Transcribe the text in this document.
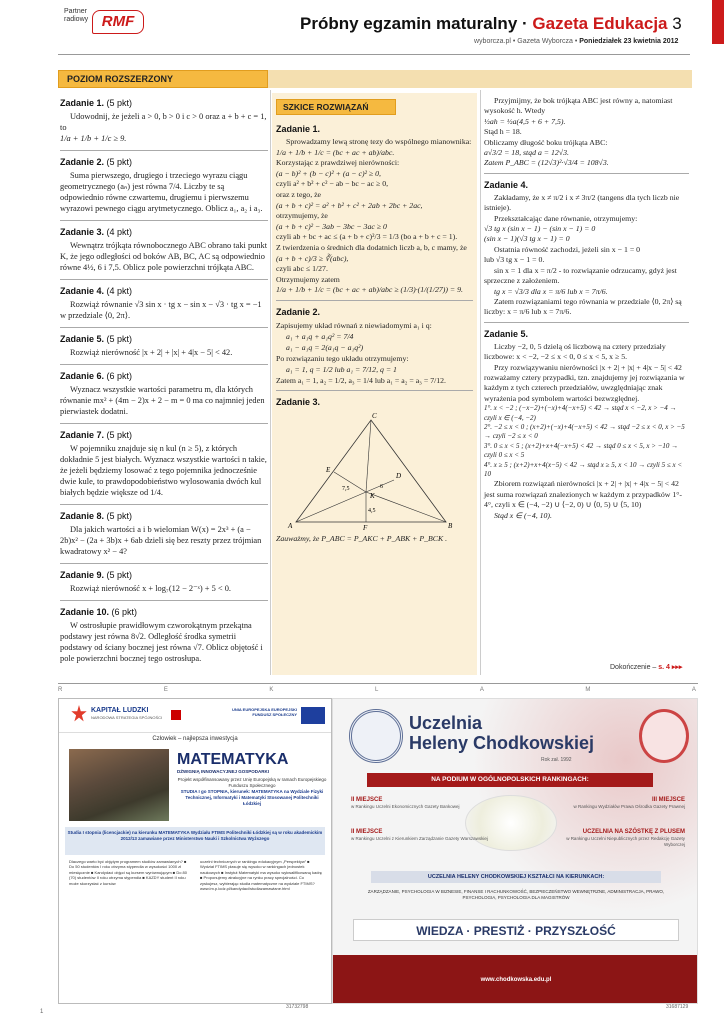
Partner radiowy RMF	Próbny egzamin maturalny · Gazeta Edukacja 3
wyborcza.pl • Gazeta Wyborcza • Poniedziałek 23 kwietnia 2012
POZIOM ROZSZERZONY
Zadanie 1. (5 pkt)
Udowodnij, że jeżeli a > 0, b > 0 i c > 0 oraz a + b + c = 1, to
1/a + 1/b + 1/c ≥ 9.
Zadanie 2. (5 pkt)
Suma pierwszego, drugiego i trzeciego wyrazu ciągu geometrycznego (aₙ) jest równa 7/4. Liczby te są odpowiednio równe czwartemu, drugiemu i pierwszemu wyrazowi pewnego ciągu arytmetycznego. Oblicz a₁, a₂ i a₃.
Zadanie 3. (4 pkt)
Wewnątrz trójkąta równobocznego ABC obrano taki punkt K, że jego odległości od boków AB, BC, AC są odpowiednio równe 4½, 6 i 7,5. Oblicz pole powierzchni trójkąta ABC.
Zadanie 4. (4 pkt)
Rozwiąż równanie √3 sin x · tg x − sin x − √3 · tg x = −1 w przedziale ⟨0, 2π⟩.
Zadanie 5. (5 pkt)
Rozwiąż nierówność |x + 2| + |x| + 4|x − 5| < 42.
Zadanie 6. (6 pkt)
Wyznacz wszystkie wartości parametru m, dla których równanie mx² + (4m − 2)x + 2 − m = 0 ma co najmniej jeden pierwiastek dodatni.
Zadanie 7. (5 pkt)
W pojemniku znajduje się n kul (n ≥ 5), z których dokładnie 5 jest białych. Wyznacz wszystkie wartości n takie, że jeżeli będziemy losować z tego pojemnika jednocześnie dwie kule, to prawdopodobieństwo wylosowania dwóch kul białych będzie większe od 1/4.
Zadanie 8. (5 pkt)
Dla jakich wartości a i b wielomian W(x) = 2x³ + (a − 2b)x² − (2a + 3b)x + 6ab dzieli się bez reszty przez trójmian kwadratowy x² − 4?
Zadanie 9. (5 pkt)
Rozwiąż nierówność x + log₇(12 − 2⁻ˣ) + 5 < 0.
Zadanie 10. (6 pkt)
W ostrosłupie prawidłowym czworokątnym przekątna podstawy jest równa 8√2. Odległość środka symetrii podstawy od ściany bocznej jest równa √7. Oblicz objętość i pole powierzchni bocznej tego ostrosłupa.
SZKICE ROZWIĄZAŃ
Zadanie 1.
Sprowadzamy lewą stronę tezy do wspólnego mianownika:
1/a + 1/b + 1/c = (bc + ac + ab)/abc.
Korzystając z prawdziwej nierówności:
(a − b)² + (b − c)² + (a − c)² ≥ 0,
czyli a² + b² + c² − ab − bc − ac ≥ 0,
oraz z tego, że
(a + b + c)² = a² + b² + c² + 2ab + 2bc + 2ac,
otrzymujemy, że
(a + b + c)² − 3ab − 3bc − 3ac ≥ 0
czyli ab + bc + ac ≤ (a + b + c)²/3 = 1/3 (bo a + b + c = 1).
Z twierdzenia o średnich dla dodatnich liczb a, b, c mamy, że
(a + b + c)/3 ≥ ∛(abc),
czyli abc ≤ 1/27.
Otrzymujemy zatem
1/a + 1/b + 1/c = (bc + ac + ab)/abc ≥ (1/3)·(1/(1/27)) = 9.
Zadanie 2.
Zapisujemy układ równań z niewiadomymi a₁ i q:
a₁ + a₁q + a₁q² = 7/4
a₁ − a₁q = 2(a₁q − a₁q²)
Po rozwiązaniu tego układu otrzymujemy:
a₁ = 1, q = 1/2 lub a₁ = 7/12, q = 1
Zatem a₁ = 1, a₂ = 1/2, a₃ = 1/4 lub a₁ = a₂ = a₃ = 7/12.
Zadanie 3.
C
A	B
D
E
F
K
7,5	6
4,5
Zauważmy, że P_ABC = P_AKC + P_ABK + P_BCK .
Przyjmijmy, że bok trójkąta ABC jest równy a, natomiast wysokość h. Wtedy
½ah = ½a(4,5 + 6 + 7,5).
Stąd h = 18.
Obliczamy długość boku trójkąta ABC:
a√3/2 = 18, stąd a = 12√3.
Zatem P_ABC = (12√3)²·√3/4 = 108√3.
Zadanie 4.
Zakładamy, że x ≠ π/2 i x ≠ 3π/2 (tangens dla tych liczb nie istnieje).
Przekształcając dane równanie, otrzymujemy:
√3 tg x (sin x − 1) − (sin x − 1) = 0
(sin x − 1)(√3 tg x − 1) = 0
Ostatnia równość zachodzi, jeżeli sin x − 1 = 0
lub √3 tg x − 1 = 0.
sin x = 1 dla x = π/2 - to rozwiązanie odrzucamy, gdyż jest sprzeczne z założeniem.
tg x = √3/3 dla x = π/6 lub x = 7π/6.
Zatem rozwiązaniami tego równania w przedziale ⟨0, 2π⟩ są liczby: x = π/6 lub x = 7π/6.
Zadanie 5.
Liczby −2, 0, 5 dzielą oś liczbową na cztery przedziały liczbowe: x < −2, −2 ≤ x < 0, 0 ≤ x < 5, x ≥ 5.
Przy rozwiązywaniu nierówności |x + 2| + |x| + 4|x − 5| < 42 rozważamy cztery przypadki, tzn. znajdujemy jej rozwiązania w każdym z tych czterech przedziałów, uwzględniając znak wyrażenia pod symbolem wartości bezwzględnej.
1°. x < −2 ; (−x−2)+(−x)+4(−x+5) < 42 → stąd x < −2, x > −4 → czyli x ∈ (−4, −2)
2°. −2 ≤ x < 0 ; (x+2)+(−x)+4(−x+5) < 42 → stąd −2 ≤ x < 0, x > −5 → czyli −2 ≤ x < 0
3°. 0 ≤ x < 5 ; (x+2)+x+4(−x+5) < 42 → stąd 0 ≤ x < 5, x > −10 → czyli 0 ≤ x < 5
4°. x ≥ 5 ; (x+2)+x+4(x−5) < 42 → stąd x ≥ 5, x < 10 → czyli 5 ≤ x < 10
Zbiorem rozwiązań nierówności |x + 2| + |x| + 4|x − 5| < 42 jest suma rozwiązań znalezionych w każdym z przypadków 1°- 4°, czyli x ∈ (−4, −2) ∪ ⟨−2, 0) ∪ ⟨0, 5) ∪ ⟨5, 10)
Stąd x ∈ (−4, 10).
Dokończenie – s. 4 ▸▸▸
R	E	K	L	A	M	A
KAPITAŁ LUDZKI
NARODOWA STRATEGIA SPÓJNOŚCI
UNIA EUROPEJSKA EUROPEJSKI FUNDUSZ SPOŁECZNY
Człowiek – najlepsza inwestycja
MATEMATYKA
DŹWIGNIĄ INNOWACYJNEJ GOSPODARKI
Projekt współfinansowany przez Unię Europejską w ramach Europejskiego Funduszu Społecznego
STUDIA I go STOPNIA, kierunek: MATEMATYKA na Wydziale Fizyki Technicznej, Informatyki i Matematyki Stosowanej Politechniki Łódzkiej
Studia I stopnia (licencjackie) na kierunku MATEMATYKA Wydziału FTIMS Politechniki Łódzkiej są w roku akademickim 2012/13 zamawiane przez Ministerstwo Nauki i Szkolnictwa Wyższego
Dlaczego warto być objętym programem studiów zamawianych? ■ Do 50 studentów I roku otrzyma stypendia w wysokości 1000 zł miesięcznie ■ Kandydaci objęci są kursem wyrównującym ■ Do 80 (70) studentów II roku otrzyma stypendia ■ KAZDY student II roku może skorzystać z kursów
uczelni technicznych w rankingu edukacyjnym „Perspektyw” ■ Wydział FTIMS plasuje się wysoko w rankingach jednostek naukowych ■ Instytut Matematyki ma wysoko wykwalifikowaną kadrę ■ Proponujemy atrakcyjne na rynku pracy specjalności. Co zyskujesz, wybierając studia matematyczne na wydziale FTIMS? www.im.p.lodz.pl/kandydaci/studiazamawiane.html
Uczelnia
Heleny Chodkowskiej
Rok zał. 1992
NA PODIUM W OGÓLNOPOLSKICH RANKINGACH:
II MIEJSCE
w Rankingu Uczelni Ekonomicznych Gazety Bankowej
III MIEJSCE
w Rankingu Wydziałów Prawa Ośrodka Gazety Prawnej
II MIEJSCE
w Rankingu Uczelni z Kierunkiem Zarządzanie Gazety Warszawskiej
UCZELNIA NA SZÓSTKĘ Z PLUSEM
w Rankingu Uczelni Niepublicznych przez Redakcję Gazety Wyborczej
UCZELNIA HELENY CHODKOWSKIEJ KSZTAŁCI NA KIERUNKACH:
ZARZĄDZANIE, PSYCHOLOGIA W BIZNESIE, FINANSE I RACHUNKOWOŚĆ, BEZPIECZEŃSTWO WEWNĘTRZNE, ADMINISTRACJA, PRAWO, PSYCHOLOGIA, PSYCHOLOGIA DLA MAGISTRÓW
WIEDZA · PRESTIŻ · PRZYSZŁOŚĆ
www.chodkowska.edu.pl
1
31732798	31687129
